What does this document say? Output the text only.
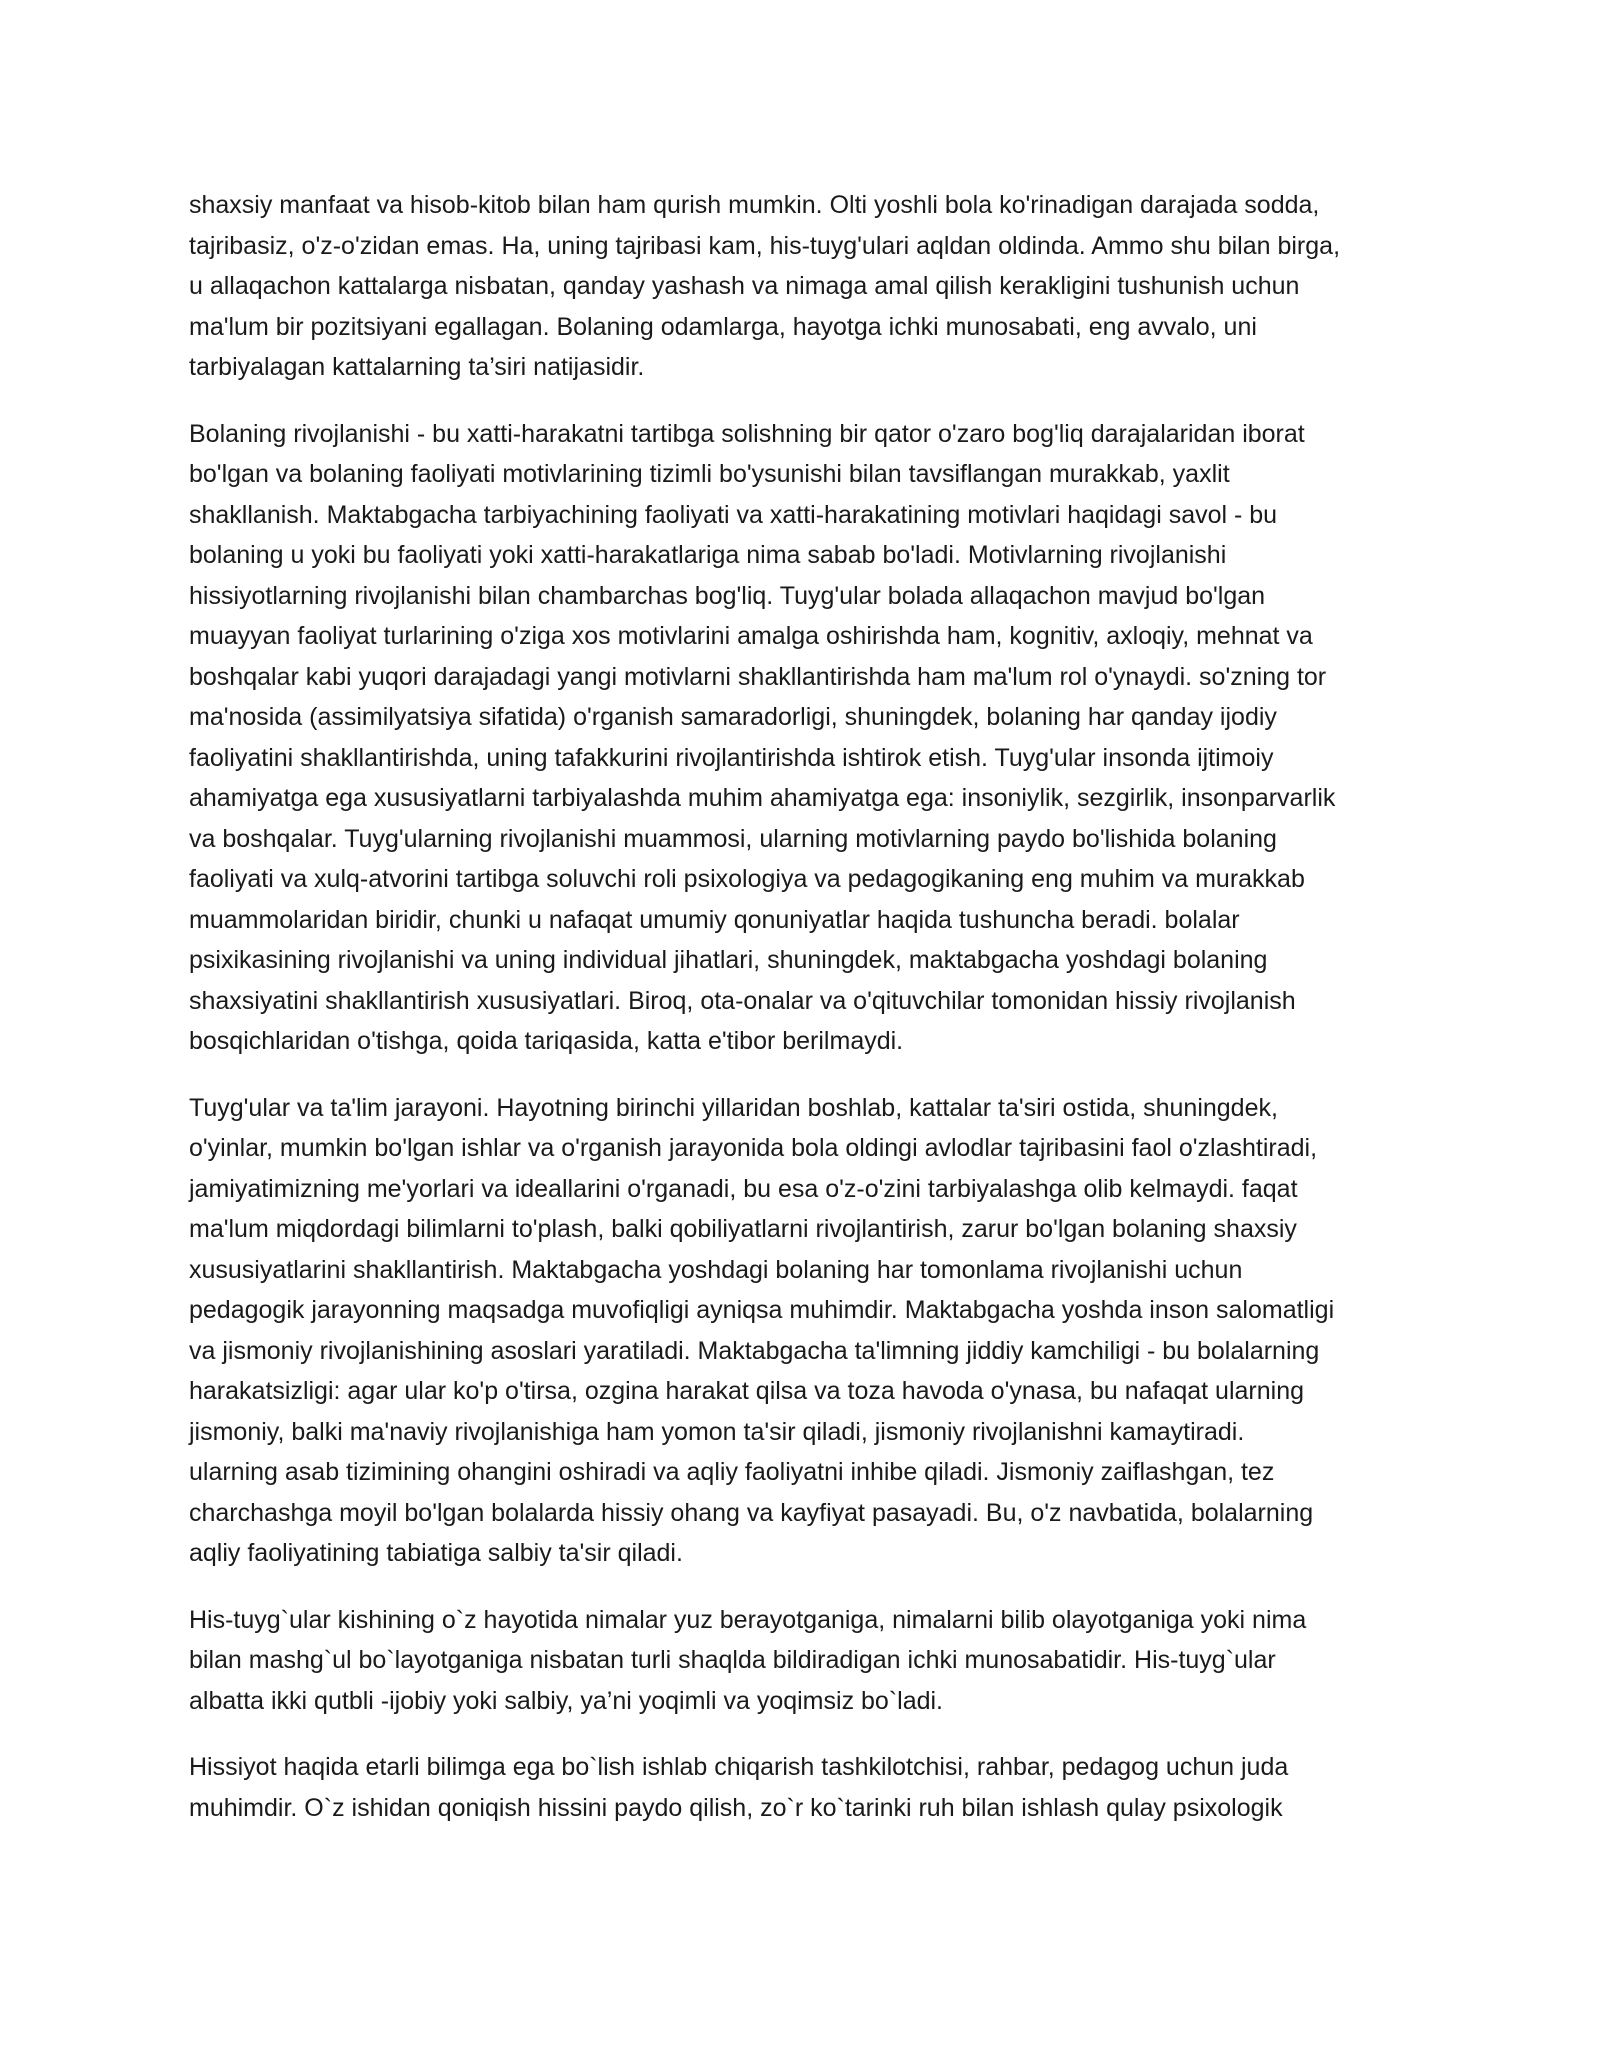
shaxsiy manfaat va hisob-kitob bilan ham qurish mumkin. Olti yoshli bola ko'rinadigan darajada sodda,
tajribasiz, o'z-o'zidan emas. Ha, uning tajribasi kam, his-tuyg'ulari aqldan oldinda. Ammo shu bilan birga,
u allaqachon kattalarga nisbatan, qanday yashash va nimaga amal qilish kerakligini tushunish uchun
ma'lum bir pozitsiyani egallagan. Bolaning odamlarga, hayotga ichki munosabati, eng avvalo, uni
tarbiyalagan kattalarning ta’siri natijasidir.

Bolaning rivojlanishi - bu xatti-harakatni tartibga solishning bir qator o'zaro bog'liq darajalaridan iborat
bo'lgan va bolaning faoliyati motivlarining tizimli bo'ysunishi bilan tavsiflangan murakkab, yaxlit
shakllanish. Maktabgacha tarbiyachining faoliyati va xatti-harakatining motivlari haqidagi savol - bu
bolaning u yoki bu faoliyati yoki xatti-harakatlariga nima sabab bo'ladi. Motivlarning rivojlanishi
hissiyotlarning rivojlanishi bilan chambarchas bog'liq. Tuyg'ular bolada allaqachon mavjud bo'lgan
muayyan faoliyat turlarining o'ziga xos motivlarini amalga oshirishda ham, kognitiv, axloqiy, mehnat va
boshqalar kabi yuqori darajadagi yangi motivlarni shakllantirishda ham ma'lum rol o'ynaydi. so'zning tor
ma'nosida (assimilyatsiya sifatida) o'rganish samaradorligi, shuningdek, bolaning har qanday ijodiy
faoliyatini shakllantirishda, uning tafakkurini rivojlantirishda ishtirok etish. Tuyg'ular insonda ijtimoiy
ahamiyatga ega xususiyatlarni tarbiyalashda muhim ahamiyatga ega: insoniylik, sezgirlik, insonparvarlik
va boshqalar. Tuyg'ularning rivojlanishi muammosi, ularning motivlarning paydo bo'lishida bolaning
faoliyati va xulq-atvorini tartibga soluvchi roli psixologiya va pedagogikaning eng muhim va murakkab
muammolaridan biridir, chunki u nafaqat umumiy qonuniyatlar haqida tushuncha beradi. bolalar
psixikasining rivojlanishi va uning individual jihatlari, shuningdek, maktabgacha yoshdagi bolaning
shaxsiyatini shakllantirish xususiyatlari. Biroq, ota-onalar va o'qituvchilar tomonidan hissiy rivojlanish
bosqichlaridan o'tishga, qoida tariqasida, katta e'tibor berilmaydi.

Tuyg'ular va ta'lim jarayoni. Hayotning birinchi yillaridan boshlab, kattalar ta'siri ostida, shuningdek,
o'yinlar, mumkin bo'lgan ishlar va o'rganish jarayonida bola oldingi avlodlar tajribasini faol o'zlashtiradi,
jamiyatimizning me'yorlari va ideallarini o'rganadi, bu esa o'z-o'zini tarbiyalashga olib kelmaydi. faqat
ma'lum miqdordagi bilimlarni to'plash, balki qobiliyatlarni rivojlantirish, zarur bo'lgan bolaning shaxsiy
xususiyatlarini shakllantirish. Maktabgacha yoshdagi bolaning har tomonlama rivojlanishi uchun
pedagogik jarayonning maqsadga muvofiqligi ayniqsa muhimdir. Maktabgacha yoshda inson salomatligi
va jismoniy rivojlanishining asoslari yaratiladi. Maktabgacha ta'limning jiddiy kamchiligi - bu bolalarning
harakatsizligi: agar ular ko'p o'tirsa, ozgina harakat qilsa va toza havoda o'ynasa, bu nafaqat ularning
jismoniy, balki ma'naviy rivojlanishiga ham yomon ta'sir qiladi, jismoniy rivojlanishni kamaytiradi.
ularning asab tizimining ohangini oshiradi va aqliy faoliyatni inhibe qiladi. Jismoniy zaiflashgan, tez
charchashga moyil bo'lgan bolalarda hissiy ohang va kayfiyat pasayadi. Bu, o'z navbatida, bolalarning
aqliy faoliyatining tabiatiga salbiy ta'sir qiladi.

His-tuyg`ular kishining o`z hayotida nimalar yuz berayotganiga, nimalarni bilib olayotganiga yoki nima
bilan mashg`ul bo`layotganiga nisbatan turli shaqlda bildiradigan ichki munosabatidir. His-tuyg`ular
albatta ikki qutbli -ijobiy yoki salbiy, ya’ni yoqimli va yoqimsiz bo`ladi.

Hissiyot haqida etarli bilimga ega bo`lish ishlab chiqarish tashkilotchisi, rahbar, pedagog uchun juda
muhimdir. O`z ishidan qoniqish hissini paydo qilish, zo`r ko`tarinki ruh bilan ishlash qulay psixologik
